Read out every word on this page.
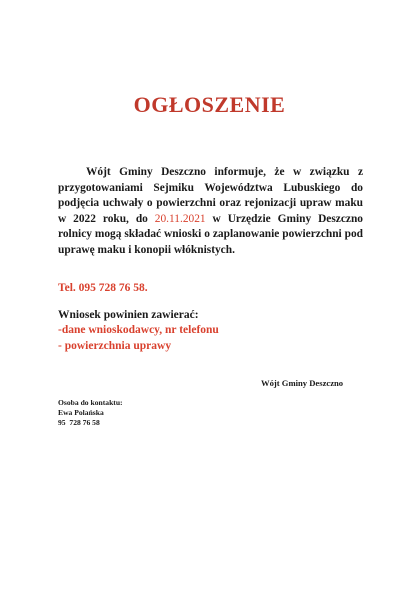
OGŁOSZENIE
Wójt Gminy Deszczno informuje, że w związku z przygotowaniami Sejmiku Województwa Lubuskiego do podjęcia uchwały o powierzchni oraz rejonizacji upraw maku w 2022 roku, do 20.11.2021 w Urzędzie Gminy Deszczno rolnicy mogą składać wnioski o zaplanowanie powierzchni pod uprawę maku i konopii włóknistych.
Tel. 095 728 76 58.
Wniosek powinien zawierać:
-dane wnioskodawcy, nr telefonu
- powierzchnia uprawy
Wójt Gminy Deszczno
Osoba do kontaktu:
Ewa Polańska
95  728 76 58
